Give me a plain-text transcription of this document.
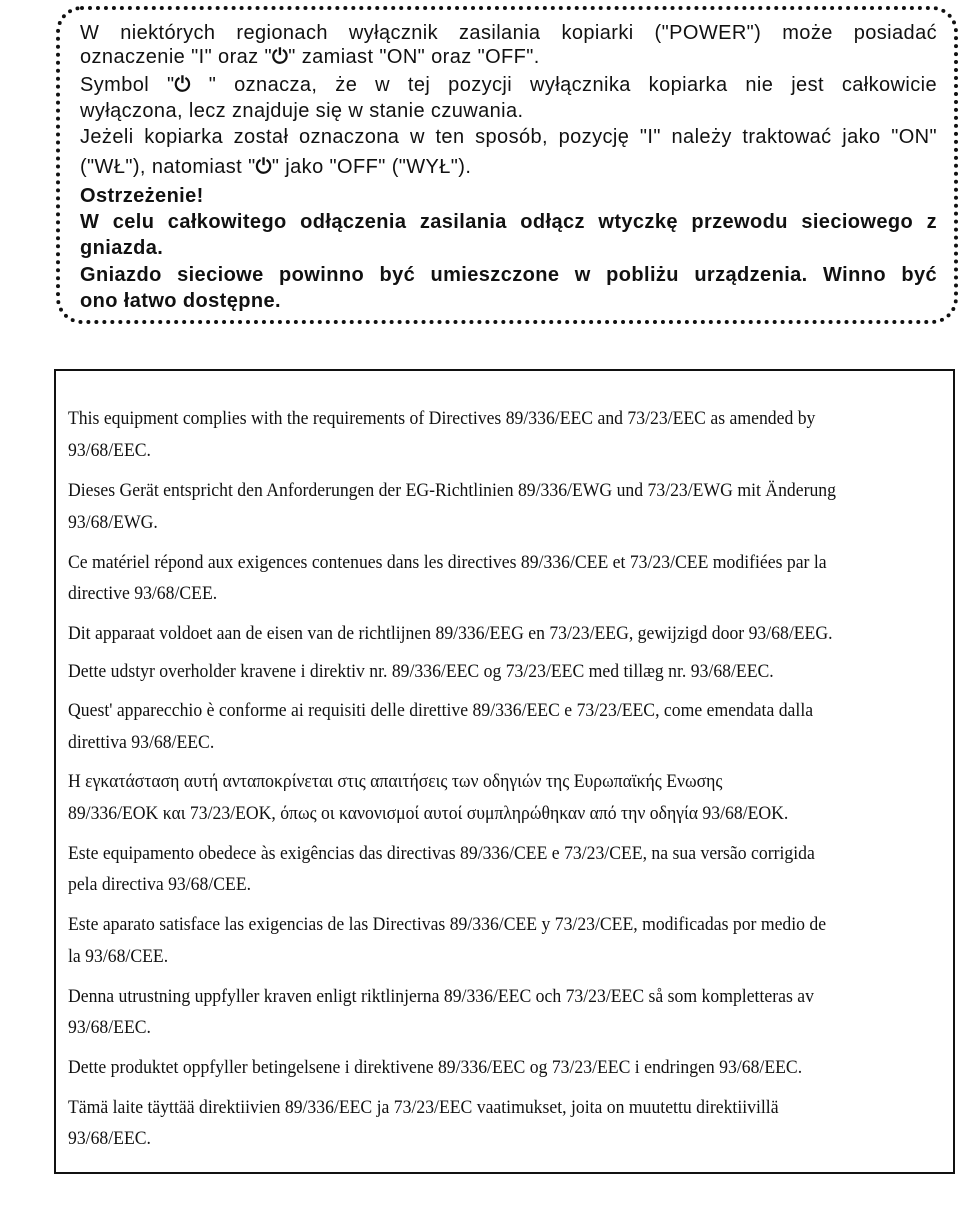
W niektórych regionach wyłącznik zasilania kopiarki ("POWER") może posiadać

oznaczenie "I" oraz "⏻" zamiast "ON" oraz "OFF".

Symbol "⏻ " oznacza, że w tej pozycji wyłącznika kopiarka nie jest całkowicie

wyłączona, lecz znajduje się w stanie czuwania.

Jeżeli kopiarka został oznaczona w ten sposób, pozycję "I" należy traktować jako "ON"

("WŁ"), natomiast "⏻" jako "OFF" ("WYŁ").

Ostrzeżenie!

W celu całkowitego odłączenia zasilania odłącz wtyczkę przewodu sieciowego z

gniazda.

Gniazdo sieciowe powinno być umieszczone w pobliżu urządzenia. Winno być

ono łatwo dostępne.

This equipment complies with the requirements of Directives 89/336/EEC and 73/23/EEC as amended by

93/68/EEC.

Dieses Gerät entspricht den Anforderungen der EG-Richtlinien 89/336/EWG und 73/23/EWG mit Änderung

93/68/EWG.

Ce matériel répond aux exigences contenues dans les directives 89/336/CEE et 73/23/CEE modifiées par la

directive 93/68/CEE.

Dit apparaat voldoet aan de eisen van de richtlijnen 89/336/EEG en 73/23/EEG, gewijzigd door 93/68/EEG.

Dette udstyr overholder kravene i direktiv nr. 89/336/EEC og 73/23/EEC med tillæg nr. 93/68/EEC.

Quest' apparecchio è conforme ai requisiti delle direttive 89/336/EEC e 73/23/EEC, come emendata dalla

direttiva 93/68/EEC.

Η εγκατάσταση αυτή ανταποκρίνεται στις απαιτήσεις των οδηγιών της Ευρωπαϊκής Ενωσης

89/336/ΕΟΚ και 73/23/ΕΟΚ, όπως οι κανονισμοί αυτοί συμπληρώθηκαν από την οδηγία 93/68/ΕΟΚ.

Este equipamento obedece às exigências das directivas 89/336/CEE e 73/23/CEE, na sua versão corrigida

pela directiva 93/68/CEE.

Este aparato satisface las exigencias de las Directivas 89/336/CEE y 73/23/CEE, modificadas por medio de

la 93/68/CEE.

Denna utrustning uppfyller kraven enligt riktlinjerna 89/336/EEC och 73/23/EEC så som kompletteras av

93/68/EEC.

Dette produktet oppfyller betingelsene i direktivene 89/336/EEC og 73/23/EEC i endringen 93/68/EEC.

Tämä laite täyttää direktiivien 89/336/EEC ja 73/23/EEC vaatimukset, joita on muutettu direktiivillä

93/68/EEC.
